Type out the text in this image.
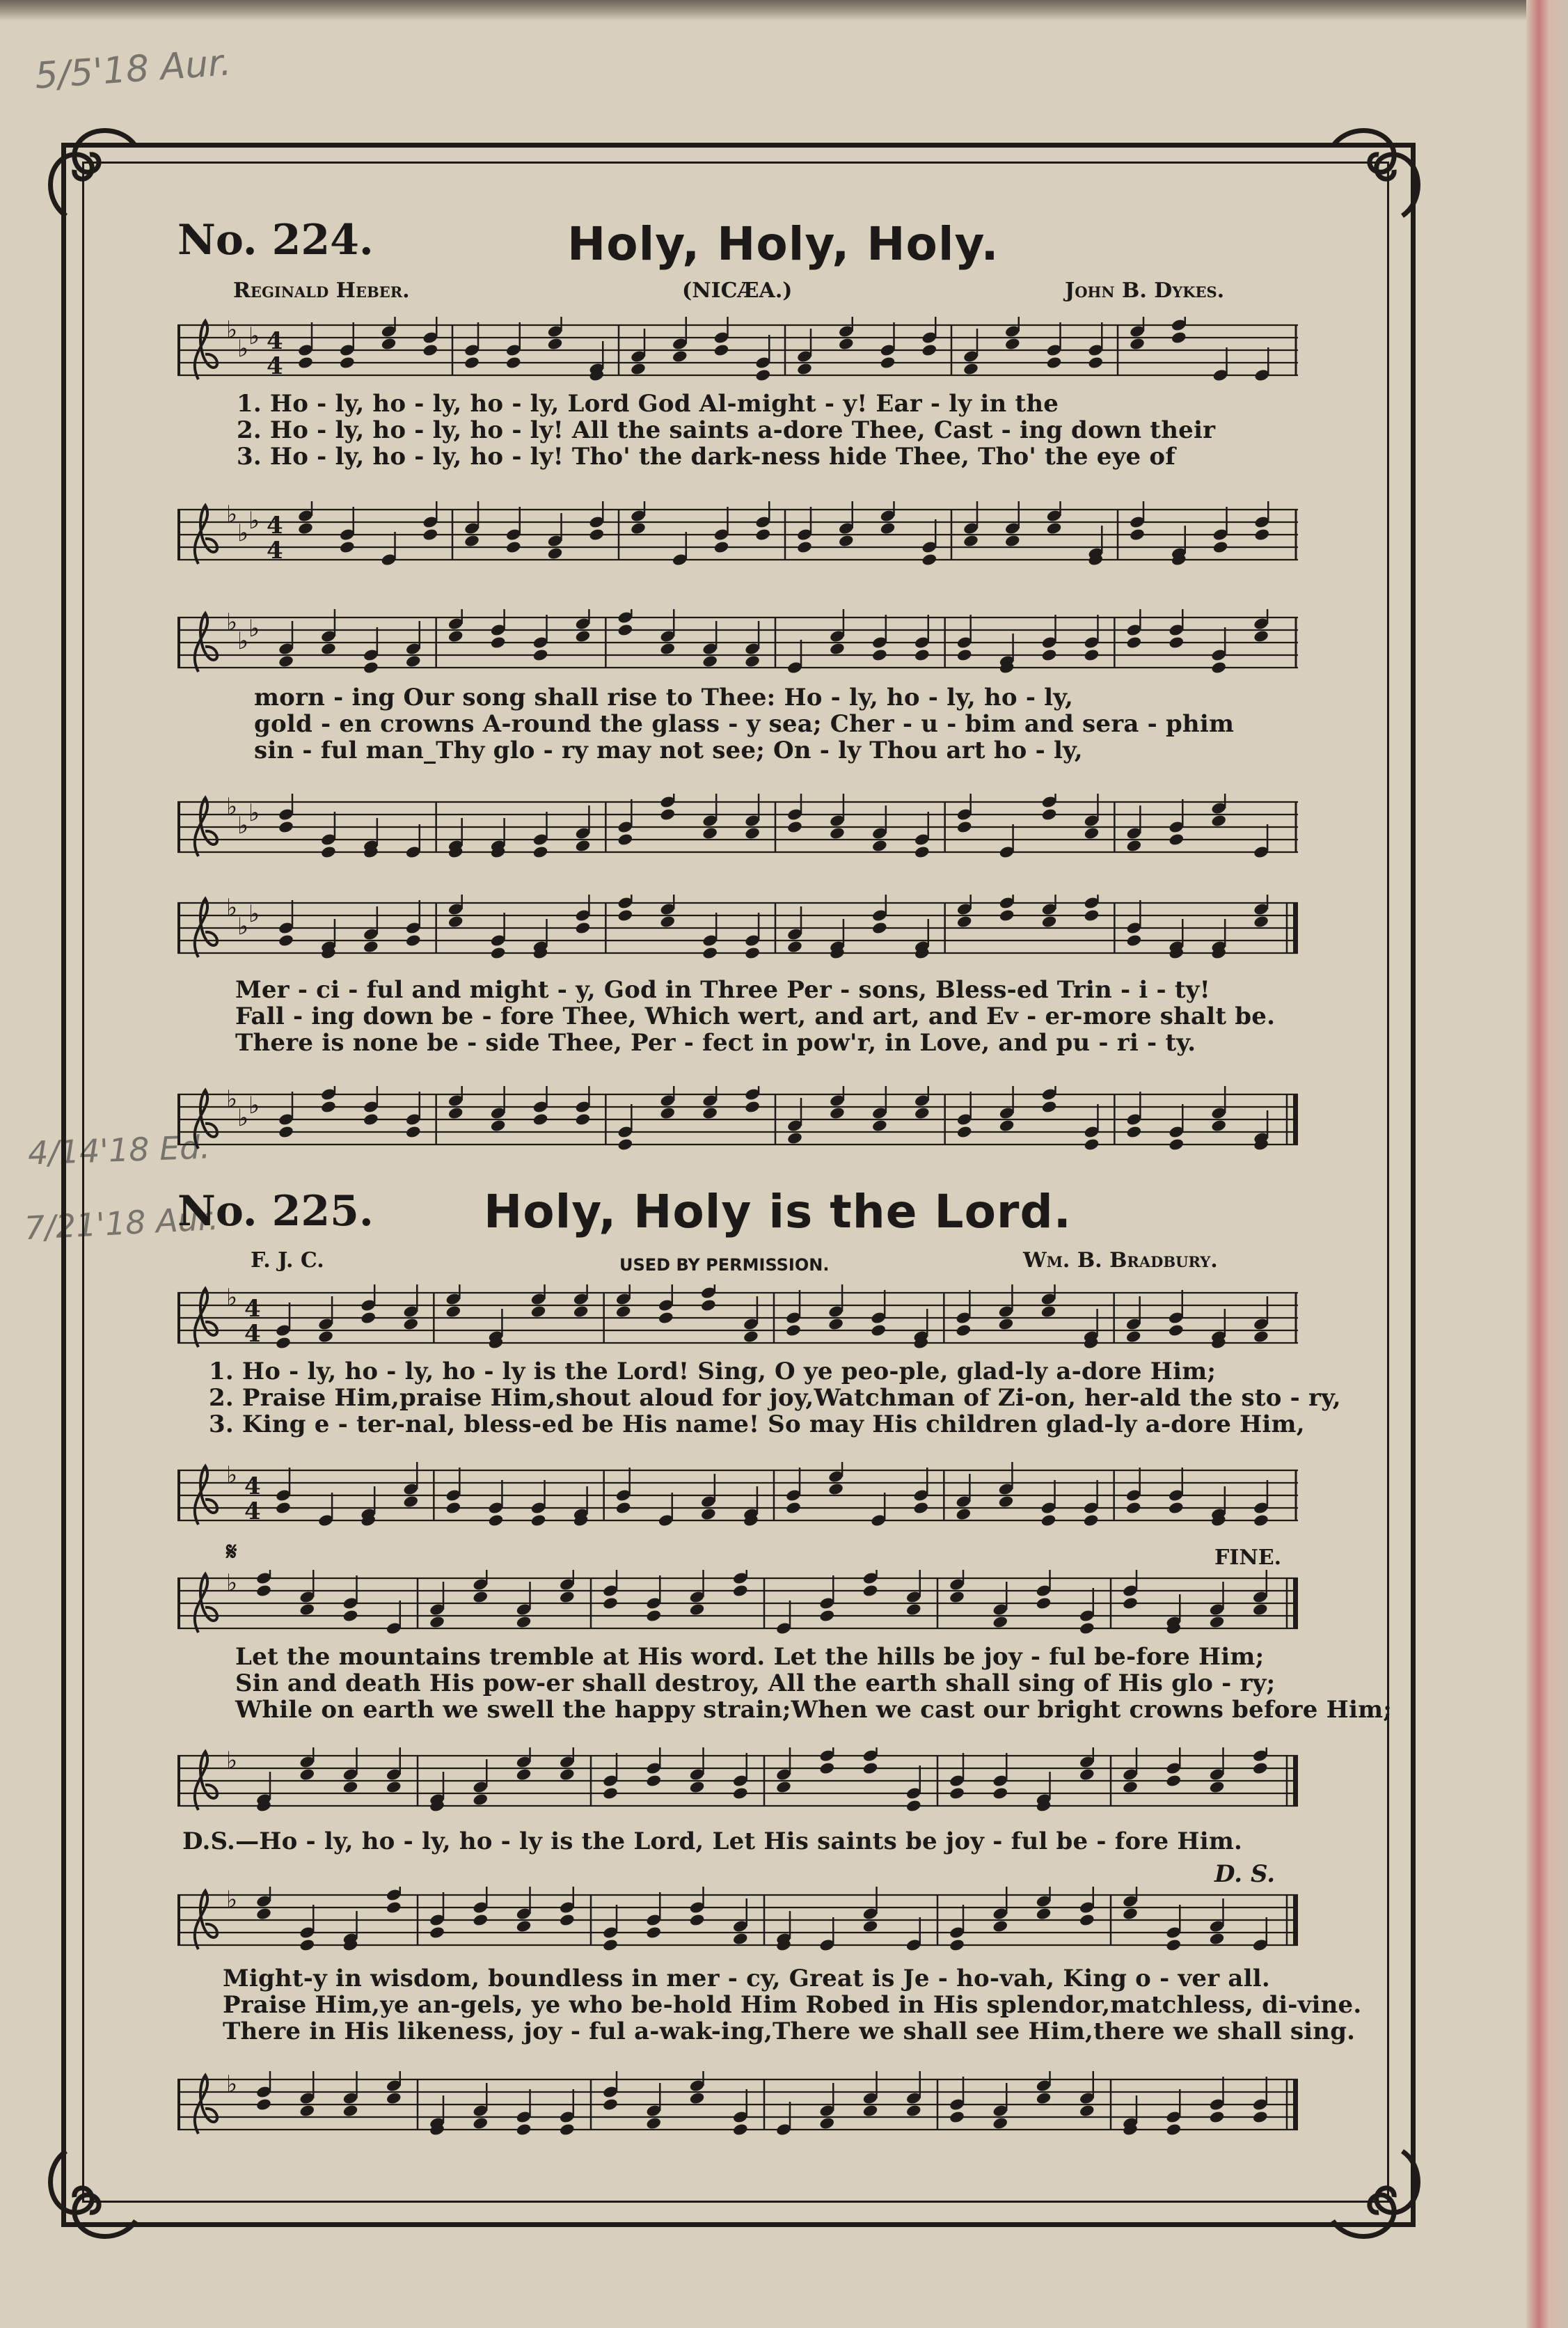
5/5'18 Aur.
4/14'18 Ed.
7/21'18 Aur.
No. 224.	Holy, Holy, Holy.
Reginald Heber.	(NICÆA.)	John B. Dykes.
♭
♭ ♭ 4
4
1. Ho - ly, ho - ly, ho - ly, Lord God Al-might - y! Ear - ly in the
2. Ho - ly, ho - ly, ho - ly! All the saints a-dore Thee, Cast - ing down their
3. Ho - ly, ho - ly, ho - ly! Tho' the dark-ness hide Thee, Tho' the eye of
♭
♭ ♭ 4
4
♭
♭ ♭
morn - ing Our song shall rise to Thee: Ho - ly, ho - ly, ho - ly,
gold - en crowns A-round the glass - y sea; Cher - u - bim and sera - phim
sin - ful man_Thy glo - ry may not see; On - ly Thou art ho - ly,
♭
♭ ♭
♭
♭ ♭
Mer - ci - ful and might - y, God in Three Per - sons, Bless-ed Trin - i - ty!
Fall - ing down be - fore Thee, Which wert, and art, and Ev - er-more shalt be.
There is none be - side Thee, Per - fect in pow'r, in Love, and pu - ri - ty.
♭
♭ ♭
No. 225. Holy, Holy is the Lord.
F. J. C.	USED BY PERMISSION.	Wm. B. Bradbury.
♭ 4
4
1. Ho - ly, ho - ly, ho - ly is the Lord! Sing, O ye peo-ple, glad-ly a-dore Him;
2. Praise Him,praise Him,shout aloud for joy,Watchman of Zi-on, her-ald the sto - ry,
3. King e - ter-nal, bless-ed be His name! So may His children glad-ly a-dore Him,
♭ 4
4
𝄋	FINE.
♭
Let the mountains tremble at His word. Let the hills be joy - ful be-fore Him;
Sin and death His pow-er shall destroy, All the earth shall sing of His glo - ry;
While on earth we swell the happy strain;When we cast our bright crowns before Him;
♭
D.S.—Ho - ly, ho - ly, ho - ly is the Lord, Let His saints be joy - ful be - fore Him.
D. S.
♭
Might-y in wisdom, boundless in mer - cy, Great is Je - ho-vah, King o - ver all.
Praise Him,ye an-gels, ye who be-hold Him Robed in His splendor,matchless, di-vine.
There in His likeness, joy - ful a-wak-ing,There we shall see Him,there we shall sing.
♭
